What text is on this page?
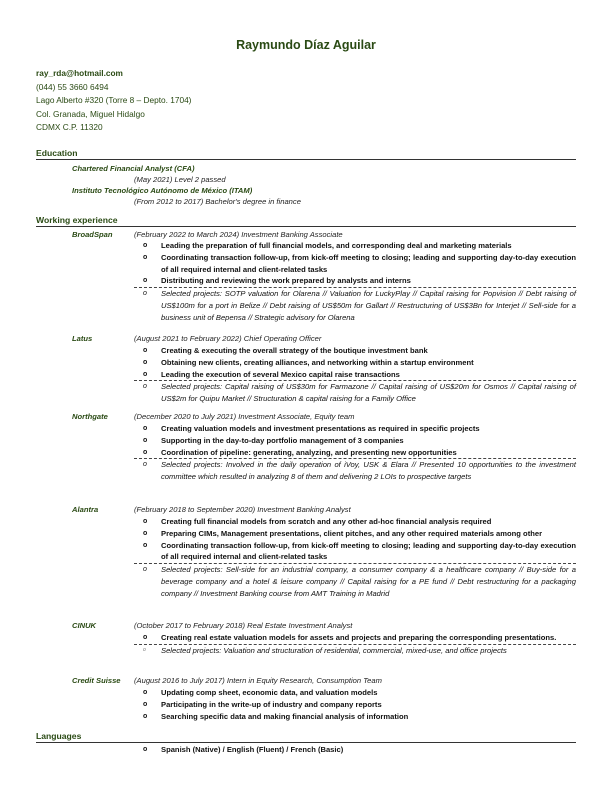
Raymundo Díaz Aguilar
ray_rda@hotmail.com
(044) 55 3660 6494
Lago Alberto #320 (Torre 8 – Depto. 1704)
Col. Granada, Miguel Hidalgo
CDMX C.P. 11320
Education
Chartered Financial Analyst (CFA)
(May 2021) Level 2 passed
Instituto Tecnológico Autónomo de México (ITAM)
(From 2012 to 2017) Bachelor's degree in finance
Working experience
BroadSpan	(February 2022 to March 2024) Investment Banking Associate
o Leading the preparation of full financial models, and corresponding deal and marketing materials
o Coordinating transaction follow-up, from kick-off meeting to closing; leading and supporting day-to-day execution of all required internal and client-related tasks
o Distributing and reviewing the work prepared by analysts and interns
o Selected projects: SOTP valuation for Olarena // Valuation for LuckyPlay // Capital raising for Popvision // Debt raising of US$100m for a port in Belize // Debt raising of US$50m for Gallart // Restructuring of US$3Bn for Interjet // Sell-side for a business unit of Bepensa // Strategic advisory for Olarena
Latus	(August 2021 to February 2022) Chief Operating Officer
o Creating & executing the overall strategy of the boutique investment bank
o Obtaining new clients, creating alliances, and networking within a startup environment
o Leading the execution of several Mexico capital raise transactions
o Selected projects: Capital raising of US$30m for Farmazone // Capital raising of US$20m for Osmos // Capital raising of US$2m for Quipu Market // Structuration & capital raising for a Family Office
Northgate	(December 2020 to July 2021) Investment Associate, Equity team
o Creating valuation models and investment presentations as required in specific projects
o Supporting in the day-to-day portfolio management of 3 companies
o Coordination of pipeline: generating, analyzing, and presenting new opportunities
o Selected projects: Involved in the daily operation of iVoy, USK & Elara // Presented 10 opportunities to the investment committee which resulted in analyzing 8 of them and delivering 2 LOIs to prospective targets
Alantra	(February 2018 to September 2020) Investment Banking Analyst
o Creating full financial models from scratch and any other ad-hoc financial analysis required
o Preparing CIMs, Management presentations, client pitches, and any other required materials among other
o Coordinating transaction follow-up, from kick-off meeting to closing; leading and supporting day-to-day execution of all required internal and client-related tasks
o Selected projects: Sell-side for an industrial company, a consumer company & a healthcare company // Buy-side for a beverage company and a hotel & leisure company // Capital raising for a PE fund // Debt restructuring for a packaging company // Investment Banking course from AMT Training in Madrid
CINUK	(October 2017 to February 2018) Real Estate Investment Analyst
o Creating real estate valuation models for assets and projects and preparing the corresponding presentations.
o Selected projects: Valuation and structuration of residential, commercial, mixed-use, and office projects
Credit Suisse (August 2016 to July 2017) Intern in Equity Research, Consumption Team
o Updating comp sheet, economic data, and valuation models
o Participating in the write-up of industry and company reports
o Searching specific data and making financial analysis of information
Languages
o Spanish (Native) / English (Fluent) / French (Basic)
